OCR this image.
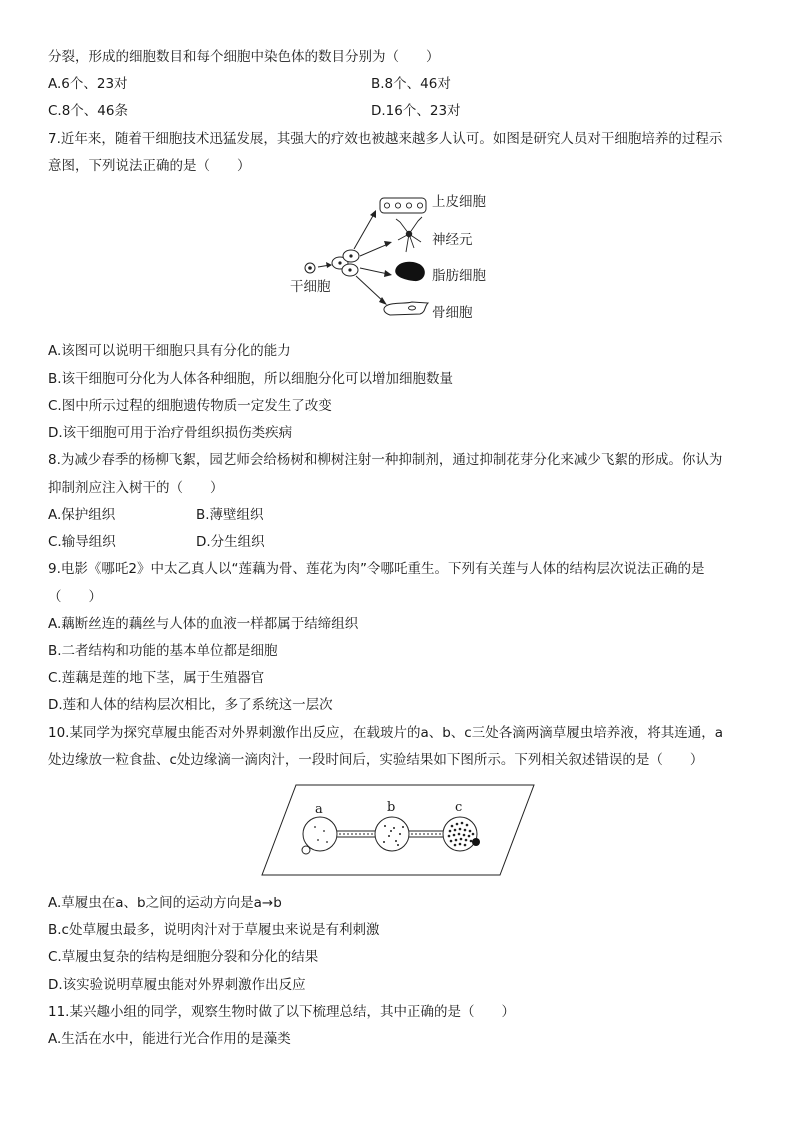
分裂，形成的细胞数目和每个细胞中染色体的数目分别为（　　）
A.6个、23对	B.8个、46对
C.8个、46条	D.16个、23对
7.近年来，随着干细胞技术迅猛发展，其强大的疗效也被越来越多人认可。如图是研究人员对干细胞培养的过程示
意图，下列说法正确的是（　　）
上皮细胞
神经元
脂肪细胞
骨细胞
干细胞
A.该图可以说明干细胞只具有分化的能力
B.该干细胞可分化为人体各种细胞，所以细胞分化可以增加细胞数量
C.图中所示过程的细胞遗传物质一定发生了改变
D.该干细胞可用于治疗骨组织损伤类疾病
8.为减少春季的杨柳飞絮，园艺师会给杨树和柳树注射一种抑制剂，通过抑制花芽分化来减少飞絮的形成。你认为
抑制剂应注入树干的（　　）
A.保护组织	B.薄壁组织
C.输导组织	D.分生组织
9.电影《哪吒2》中太乙真人以“莲藕为骨、莲花为肉”令哪吒重生。下列有关莲与人体的结构层次说法正确的是
（　　）
A.藕断丝连的藕丝与人体的血液一样都属于结缔组织
B.二者结构和功能的基本单位都是细胞
C.莲藕是莲的地下茎，属于生殖器官
D.莲和人体的结构层次相比，多了系统这一层次
10.某同学为探究草履虫能否对外界刺激作出反应，在载玻片的a、b、c三处各滴两滴草履虫培养液，将其连通，a
处边缘放一粒食盐、c处边缘滴一滴肉汁，一段时间后，实验结果如下图所示。下列相关叙述错误的是（　　）
a	b	c
A.草履虫在a、b之间的运动方向是a→b
B.c处草履虫最多，说明肉汁对于草履虫来说是有利刺激
C.草履虫复杂的结构是细胞分裂和分化的结果
D.该实验说明草履虫能对外界刺激作出反应
11.某兴趣小组的同学，观察生物时做了以下梳理总结，其中正确的是（　　）
A.生活在水中，能进行光合作用的是藻类
